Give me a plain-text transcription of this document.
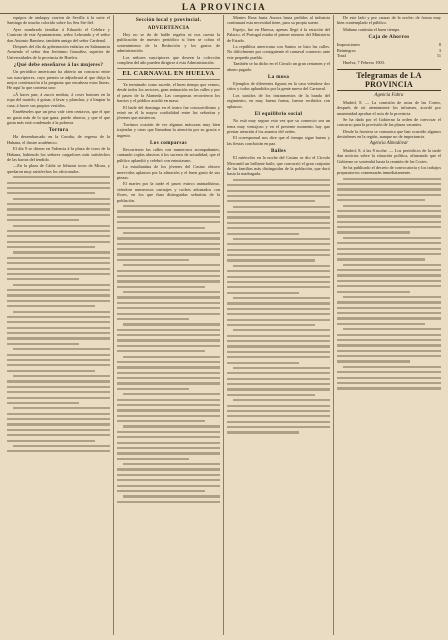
LA PROVINCIA

equipos de andaquy carrion de Sevilla á la sorte el Santiago de mucho colorido sobre los Seu Sie-fiel.

Ayer nombrado familiar á Eduardo el Celebre y Contrato de este Ayuntamiento, señor Lebrundo y el señor don Antonio Ramírez, también amigo del señor Cardenal.

Después del día da gobernación enfatiza en Salamancia Armendo el señor don Jerónimo González, superior de Universidades de la provincia de Huelva.

¿Qué debe enseñarse á las mujeres?

Un periódico americano ha abierto un concurso entre sus suscriptores, cuyo premio se adjudicará al que dirija la mejor contestación á la pregunta que encabeza estas líneas. He aquí lo que contesta uno:

«Á hacer pan; á zurcir medias; á coser botones en la ropa del marido; á guisar, á lavar y planchar, y á limpiar la casa; á hacer sus propios vestidos.

Enséñeseles que un peso vale cien centavos, que el que no gasta más de lo que gana, puede ahorrar, y que el que gasta más está condenado á la pobreza.

Tortura

Ha desembarcado en la Coruña, de regreso de la Habana, el ilustre académico.

El día 9 se dieron en Valencia á la plaza de toros de la Habana, habiendo los señores cargadores más satisfechos de las barras del tendido.

—En la plaza de Cádiz se lidiaron toros de Miura, y quedaron muy satisfechos los aficionados.

Sección local y provincial.
ADVERTENCIA

Hoy no se da de balde regalos ni nos cuesta la publicación de nuestro periódico si bien se cobra el sostenimiento de la Redacción y los gastos de administración.

Los señores suscriptores que deseen la colección completa del año pueden dirigirse á esta Administración.

EL CARNAVAL EN HUELVA

Ya terminado como sucede, el buen tiempo que vemos, desde todos los sectores, gran animación en las calles y por el paseo de la Alameda. Las comparsas recorrieron los barrios y el público acudió en masa.

El baile del domingo en el teatro fue concurridísimo y reinó en él la mayor cordialidad entre las señoritas y jóvenes que asistieron.

Tuvimos ocasión de ver algunas máscaras muy bien trajeadas y otras que llamaban la atención por su gracia e ingenio.

Los comparsas

Recorrieron las calles con numerosos acompañantes, cantando coplas alusivas á los sucesos de actualidad, que el público aplaudió y celebró con entusiasmo.

La estudiantina de los jóvenes del Casino obtuvo merecidos aplausos por la afinación y el buen gusto de sus piezas.

El martes por la tarde el paseo estuvo animadísimo, viéndose numerosos carruajes y coches adornados con flores, en los que iban distinguidas señoritas de la población.

Montes Rosa hasta Aurora hasta pedidos al industria continuará esta necesidad tiene, para su propia suerte.

Espejo, fue en Huesca, apenas llegó á la estación del Palacio, el Portugal estaba el primer número del Ministerio de Estado.

La república americana con Santos se hizo las calles. No difícilmente por consiguiente el carnaval comercio ante este pequeño pueblo.

También se ha dicho en el Circulo un gran certamen y el abono pagado.

La musa

Ejemplos de diferentes figuras en la casa viéndose dos sitios y todos aplaudidos por la gente nueva del Carnaval.

Los sonidos de los instrumentos de la banda del regimiento, en muy buena forma, fueron recibidos con aplausos.

El equilibrio social

No está muy seguro esta vez que su comercio sea un tema muy ventajoso y en el presente momento hay que prestar atención á los asuntos del orden.

El corresponsal nos dice que el tiempo sigue bueno y las fiestas concluirán en paz.

Bailes

El miércoles en la noche del Casino se dio el Círculo Mercantil un brillante baile, que concurrió el gran conjunto de las familias más distinguidas de la población, que duró hasta la madrugada.

De este lado y por causas de la noche; de forma muy bien contemplado el público.

Mañana continúa el buen tiempo.

Caja de Ahorros
Imposiciones	8
Reintegros	3
Total	11

Huelva, 7 Febrero 1903.

Telegramas de LA PROVINCIA
Agencia Fabra

Madrid, 8. — La comisión de actas de las Cortes, después de oír atentamente los informes, acordó por unanimidad aprobar el acta de la provincia.

Se ha dado por el Gobierno la orden de convocar el concurso para la provisión de las plazas vacantes.

Desde la frontera se comunica que han ocurrido algunos desórdenes en la región, aunque no de importancia.

Agencia Almodóvar

Madrid, 8, á las 8 noche. — Los periódicos de la tarde dan noticias sobre la situación política, afirmando que el Gobierno se sostendrá hasta la reunión de las Cortes.

Se ha publicado el decreto de convocatoria y los trabajos preparatorios comenzarán inmediatamente.
